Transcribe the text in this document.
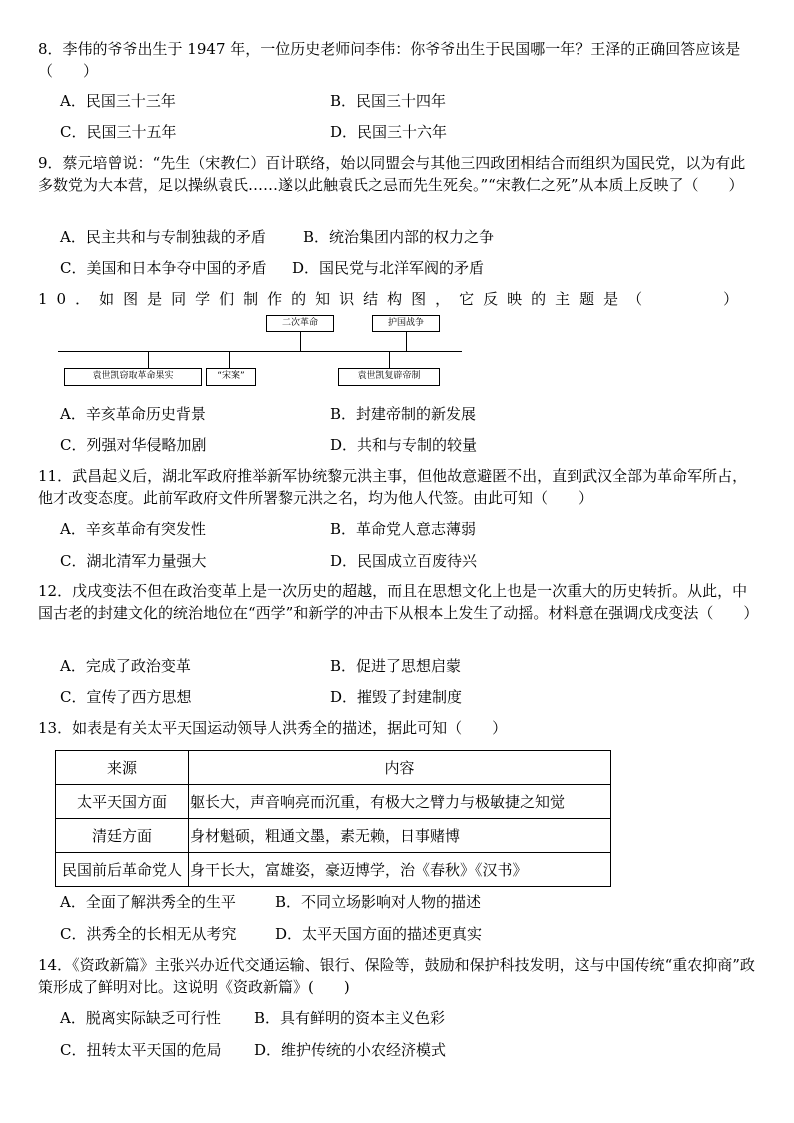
8．李伟的爷爷出生于 1947 年，一位历史老师问李伟：你爷爷出生于民国哪一年？王泽的正确回答应该是（　　）
A．民国三十三年	B．民国三十四年
C．民国三十五年	D．民国三十六年
9．蔡元培曾说：“先生（宋教仁）百计联络，始以同盟会与其他三四政团相结合而组织为国民党，以为有此多数党为大本营，足以操纵袁氏……遂以此触袁氏之忌而先生死矣。”“宋教仁之死”从本质上反映了（　　）
A．民主共和与专制独裁的矛盾 B．统治集团内部的权力之争
C．美国和日本争夺中国的矛盾 D．国民党与北洋军阀的矛盾
10．如图是同学们制作的知识结构图，它反映的主题是（　　　）
二次革命	护国战争
袁世凯窃取革命果实	“宋案”	袁世凯复辟帝制
A．辛亥革命历史背景	B．封建帝制的新发展
C．列强对华侵略加剧	D．共和与专制的较量
11．武昌起义后，湖北军政府推举新军协统黎元洪主事，但他故意避匿不出，直到武汉全部为革命军所占，他才改变态度。此前军政府文件所署黎元洪之名，均为他人代签。由此可知（　　）
A．辛亥革命有突发性	B．革命党人意志薄弱
C．湖北清军力量强大	D．民国成立百废待兴
12．戊戌变法不但在政治变革上是一次历史的超越，而且在思想文化上也是一次重大的历史转折。从此，中国古老的封建文化的统治地位在“西学”和新学的冲击下从根本上发生了动摇。材料意在强调戊戌变法（　　）
A．完成了政治变革	B．促进了思想启蒙
C．宣传了西方思想	D．摧毁了封建制度
13．如表是有关太平天国运动领导人洪秀全的描述，据此可知（　　）
来源	内容
太平天国方面	躯长大，声音响亮而沉重，有极大之臂力与极敏捷之知觉
清廷方面	身材魁硕，粗通文墨，素无赖，日事赌博
民国前后革命党人	身干长大，富雄姿，豪迈博学，治《春秋》《汉书》
A．全面了解洪秀全的生平	B．不同立场影响对人物的描述
C．洪秀全的长相无从考究	D．太平天国方面的描述更真实
14．《资政新篇》主张兴办近代交通运输、银行、保险等，鼓励和保护科技发明，这与中国传统“重农抑商”政策形成了鲜明对比。这说明《资政新篇》(　　)
A．脱离实际缺乏可行性 B．具有鲜明的资本主义色彩
C．扭转太平天国的危局 D．维护传统的小农经济模式
